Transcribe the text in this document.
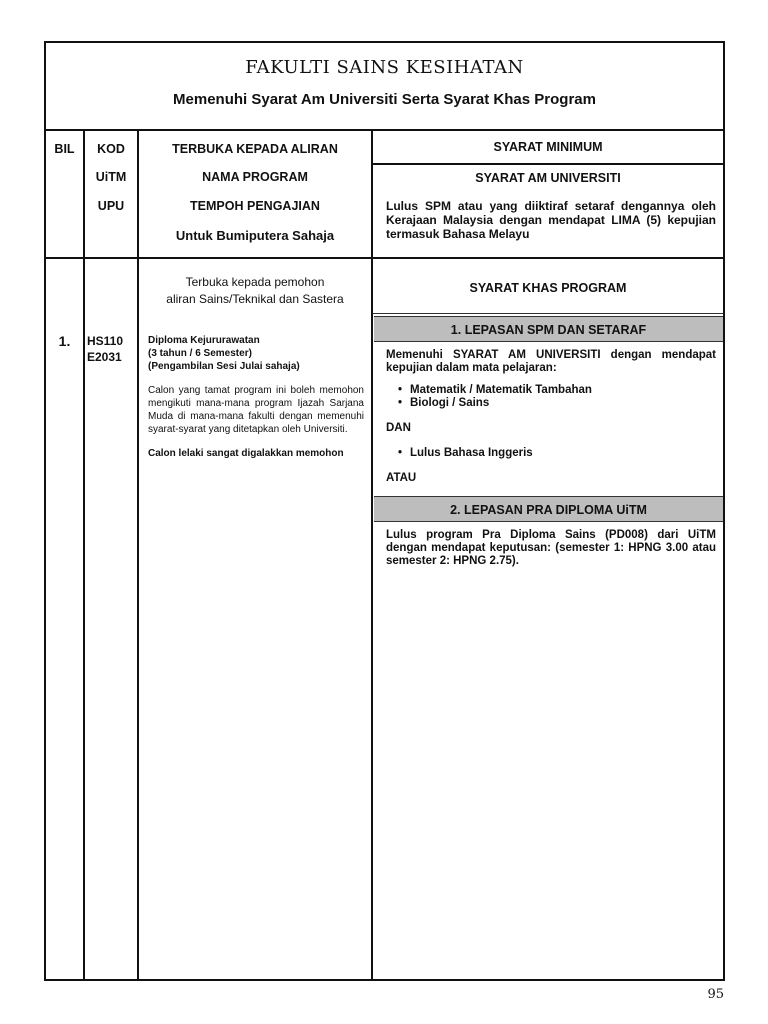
FAKULTI SAINS KESIHATAN
Memenuhi Syarat Am Universiti Serta Syarat Khas Program
BIL	KOD
UiTM
UPU
TERBUKA KEPADA ALIRAN
NAMA PROGRAM
TEMPOH PENGAJIAN
Untuk Bumiputera Sahaja
SYARAT MINIMUM
SYARAT AM UNIVERSITI
Lulus SPM atau yang diiktiraf setaraf dengannya oleh Kerajaan Malaysia dengan mendapat LIMA (5) kepujian termasuk Bahasa Melayu
1.	HS110
E2031
Terbuka kepada pemohon
aliran Sains/Teknikal dan Sastera
Diploma Kejururawatan
(3 tahun / 6 Semester)
(Pengambilan Sesi Julai sahaja)
Calon yang tamat program ini boleh memohon mengikuti mana-mana program Ijazah Sarjana Muda di mana-mana fakulti dengan memenuhi syarat-syarat yang ditetapkan oleh Universiti.
Calon lelaki sangat digalakkan memohon
SYARAT KHAS PROGRAM
1. LEPASAN SPM DAN SETARAF
Memenuhi SYARAT AM UNIVERSITI dengan mendapat kepujian dalam mata pelajaran:
• Matematik / Matematik Tambahan
• Biologi / Sains
DAN
• Lulus Bahasa Inggeris
ATAU
2. LEPASAN PRA DIPLOMA UiTM
Lulus program Pra Diploma Sains (PD008) dari UiTM dengan mendapat keputusan: (semester 1: HPNG 3.00 atau semester 2: HPNG 2.75).
95
